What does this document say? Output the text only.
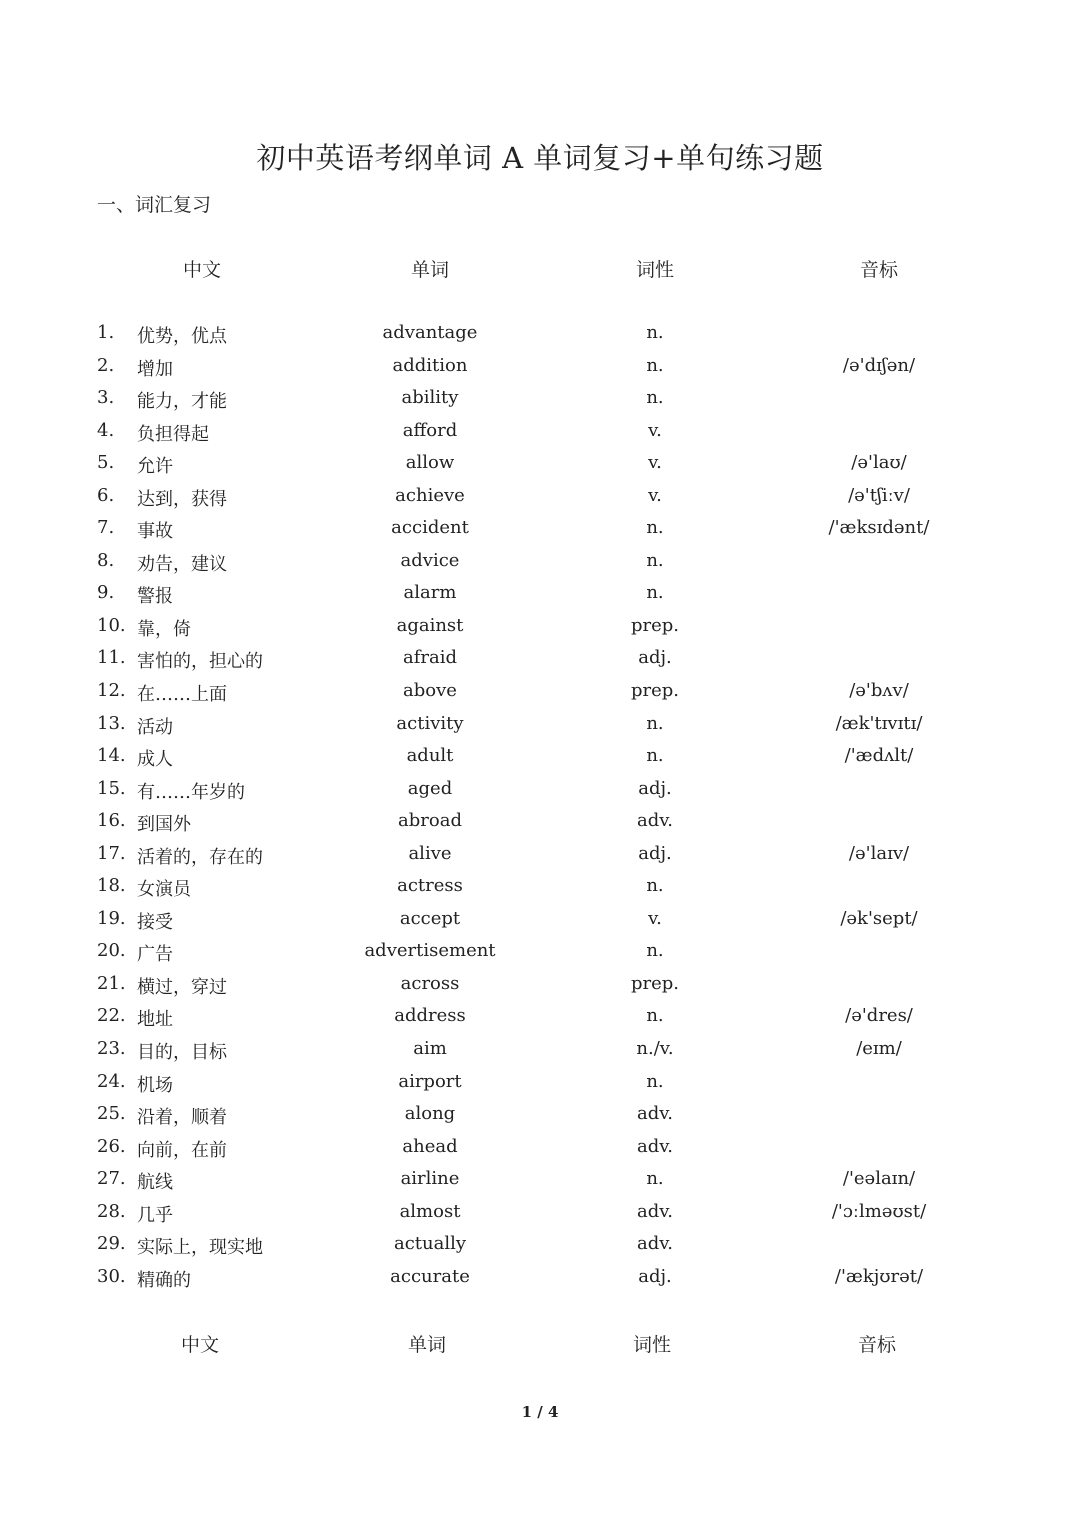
初中英语考纲单词 A 单词复习+单句练习题
一、词汇复习
中文	单词	词性	音标
1.	优势，优点	advantage	n.
2.	增加	addition	n.	/ə'dɪʃən/
3.	能力，才能	ability	n.
4.	负担得起	afford	v.
5.	允许	allow	v.	/ə'laʊ/
6.	达到，获得	achieve	v.	/ə'tʃiːv/
7.	事故	accident	n.	/'æksɪdənt/
8.	劝告，建议	advice	n.
9.	警报	alarm	n.
10. 靠，倚	against	prep.
11. 害怕的，担心的	afraid	adj.
12. 在……上面	above	prep.	/ə'bʌv/
13. 活动	activity	n.	/æk'tɪvɪtɪ/
14. 成人	adult	n.	/'ædʌlt/
15. 有……年岁的	aged	adj.
16. 到国外	abroad	adv.
17. 活着的，存在的	alive	adj.	/ə'laɪv/
18. 女演员	actress	n.
19. 接受	accept	v.	/ək'sept/
20. 广告	advertisement	n.
21. 横过，穿过	across	prep.
22. 地址	address	n.	/ə'dres/
23. 目的，目标	aim	n./v.	/eɪm/
24. 机场	airport	n.
25. 沿着，顺着	along	adv.
26. 向前，在前	ahead	adv.
27. 航线	airline	n.	/'eəlaɪn/
28. 几乎	almost	adv.	/'ɔːlməʊst/
29. 实际上，现实地	actually	adv.
30. 精确的	accurate	adj.	/'ækjʊrət/
中文	单词	词性	音标
1 / 4
